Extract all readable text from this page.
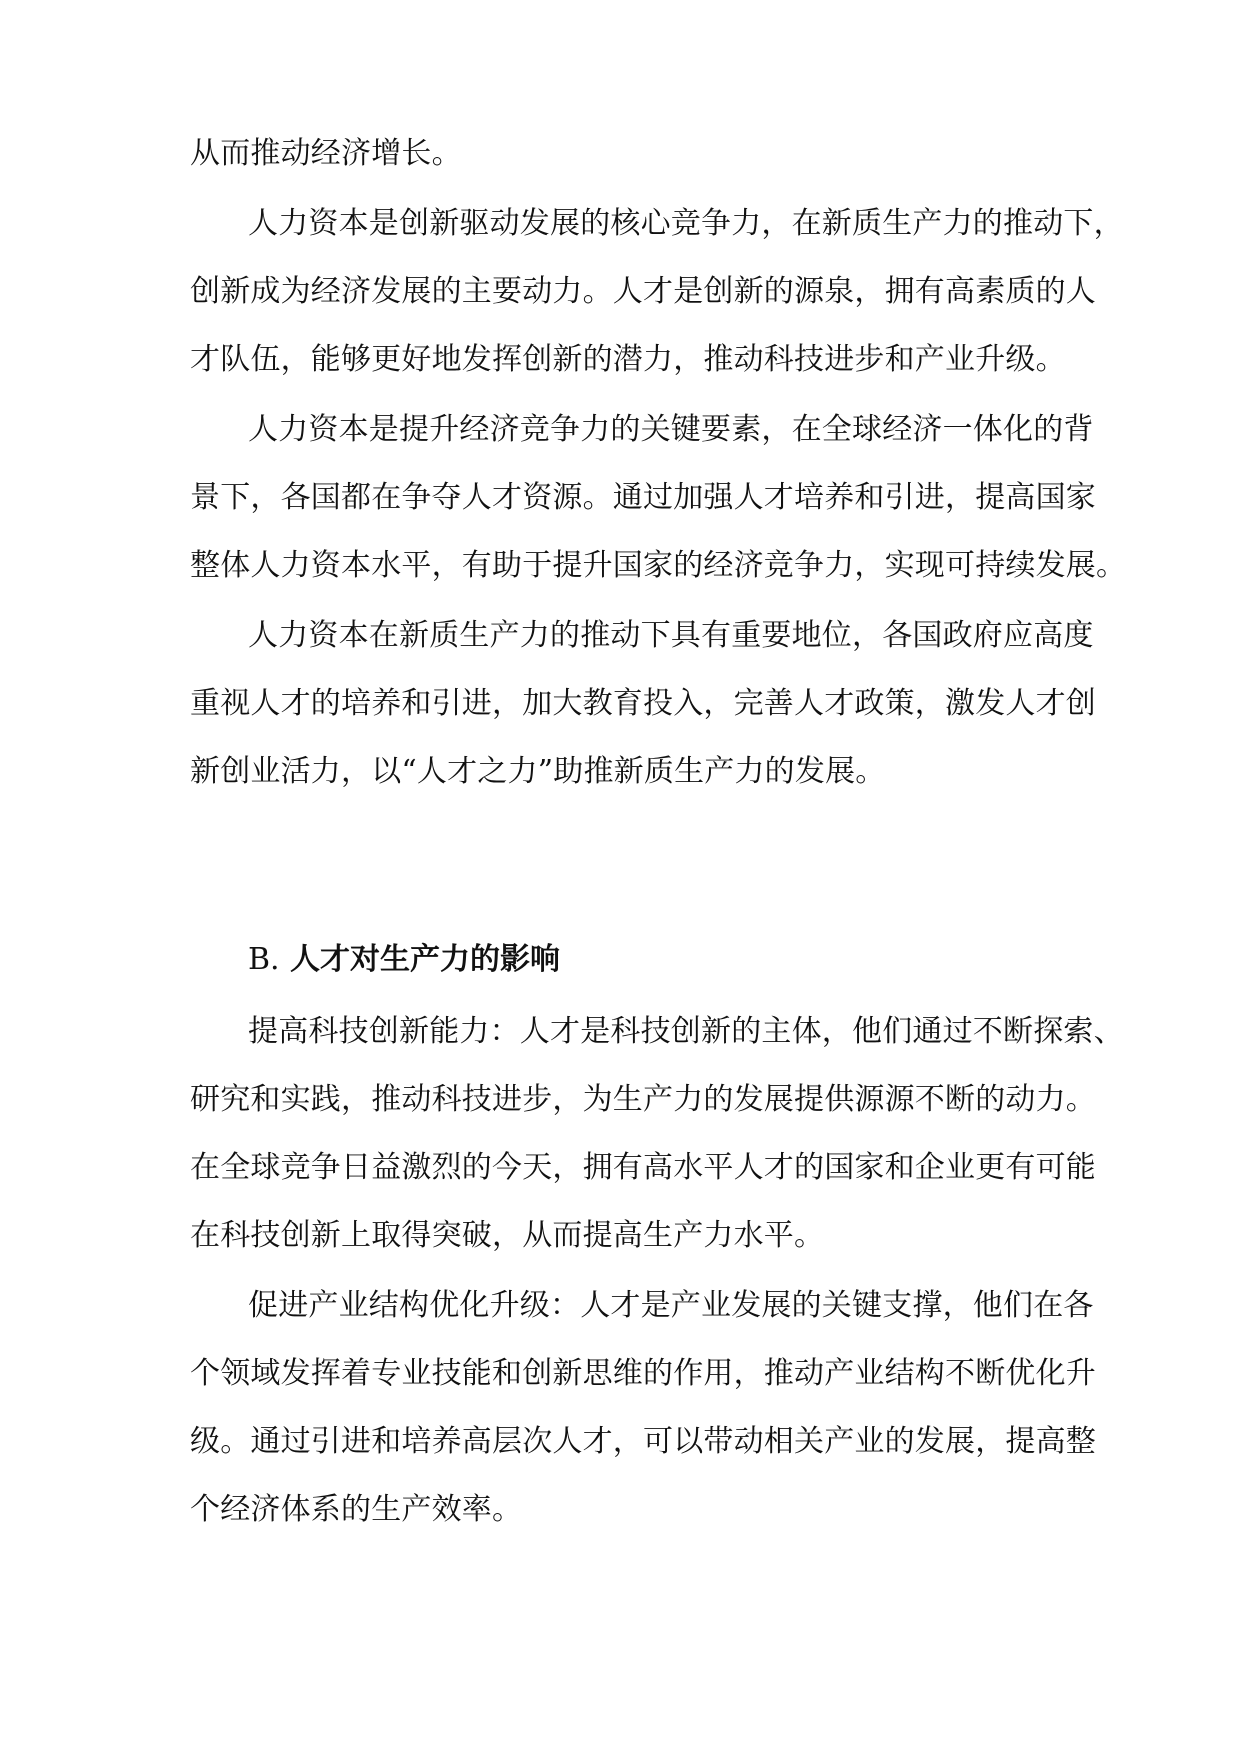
从而推动经济增长。
人力资本是创新驱动发展的核心竞争力，在新质生产力的推动下，
创新成为经济发展的主要动力。人才是创新的源泉，拥有高素质的人
才队伍，能够更好地发挥创新的潜力，推动科技进步和产业升级。
人力资本是提升经济竞争力的关键要素，在全球经济一体化的背
景下，各国都在争夺人才资源。通过加强人才培养和引进，提高国家
整体人力资本水平，有助于提升国家的经济竞争力，实现可持续发展。
人力资本在新质生产力的推动下具有重要地位，各国政府应高度
重视人才的培养和引进，加大教育投入，完善人才政策，激发人才创
新创业活力，以“人才之力”助推新质生产力的发展。
B. 人才对生产力的影响
提高科技创新能力：人才是科技创新的主体，他们通过不断探索、
研究和实践，推动科技进步，为生产力的发展提供源源不断的动力。
在全球竞争日益激烈的今天，拥有高水平人才的国家和企业更有可能
在科技创新上取得突破，从而提高生产力水平。
促进产业结构优化升级：人才是产业发展的关键支撑，他们在各
个领域发挥着专业技能和创新思维的作用，推动产业结构不断优化升
级。通过引进和培养高层次人才，可以带动相关产业的发展，提高整
个经济体系的生产效率。
